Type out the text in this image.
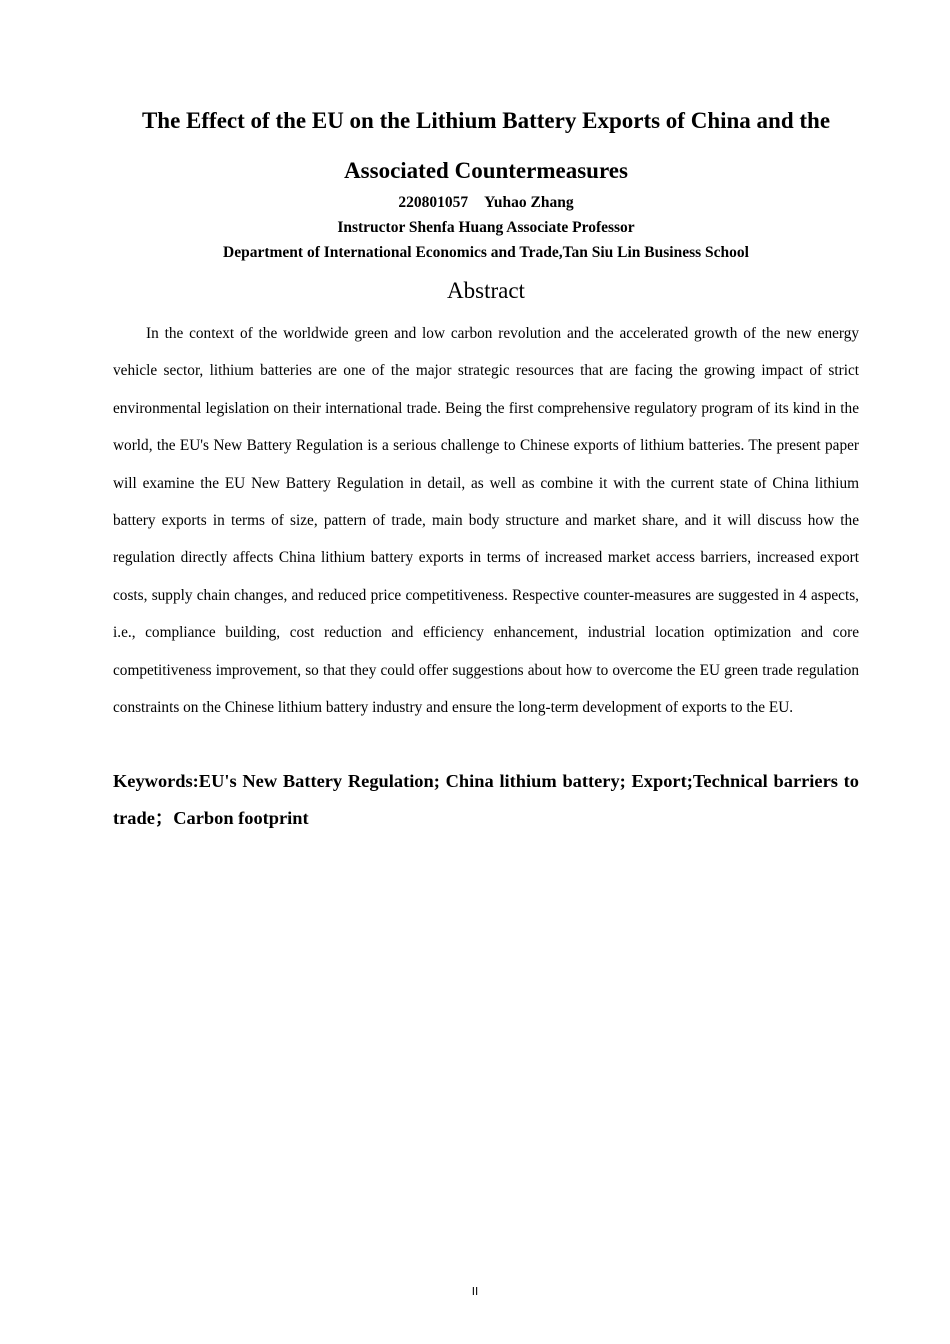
The Effect of the EU on the Lithium Battery Exports of China and the Associated Countermeasures

220801057 Yuhao Zhang

Instructor Shenfa Huang Associate Professor

Department of International Economics and Trade,Tan Siu Lin Business School

Abstract

In the context of the worldwide green and low carbon revolution and the accelerated growth of the new energy vehicle sector, lithium batteries are one of the major strategic resources that are facing the growing impact of strict environmental legislation on their international trade. Being the first comprehensive regulatory program of its kind in the world, the EU's New Battery Regulation is a serious challenge to Chinese exports of lithium batteries. The present paper will examine the EU New Battery Regulation in detail, as well as combine it with the current state of China lithium battery exports in terms of size, pattern of trade, main body structure and market share, and it will discuss how the regulation directly affects China lithium battery exports in terms of increased market access barriers, increased export costs, supply chain changes, and reduced price competitiveness. Respective counter-measures are suggested in 4 aspects, i.e., compliance building, cost reduction and efficiency enhancement, industrial location optimization and core competitiveness improvement, so that they could offer suggestions about how to overcome the EU green trade regulation constraints on the Chinese lithium battery industry and ensure the long-term development of exports to the EU.

Keywords:EU's New Battery Regulation; China lithium battery; Export;Technical barriers to trade；Carbon footprint

II
